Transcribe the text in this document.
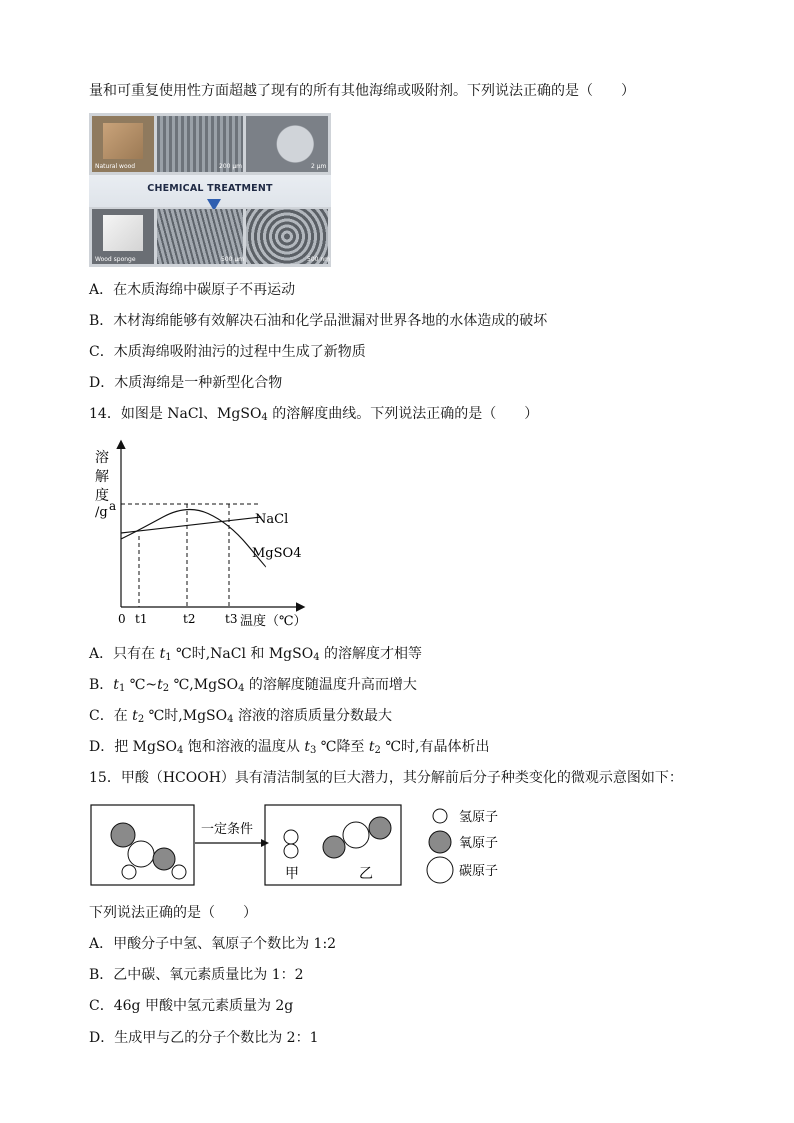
量和可重复使用性方面超越了现有的所有其他海绵或吸附剂。下列说法正确的是（　　）
Natural wood	200 μm	2 μm
CHEMICAL TREATMENT
Wood sponge	500 μm	500 nm
A．在木质海绵中碳原子不再运动
B．木材海绵能够有效解决石油和化学品泄漏对世界各地的水体造成的破坏
C．木质海绵吸附油污的过程中生成了新物质
D．木质海绵是一种新型化合物
14．如图是 NaCl、MgSO$_4$ 的溶解度曲线。下列说法正确的是（　　）
溶
解
度
/g a
0 t1	t2 t3 温度（℃）
NaCl
MgSO4
A．只有在 $t_1$ ℃时,NaCl 和 MgSO$_4$ 的溶解度才相等
B．$t_1$ $℃\sim t_2$ ℃,MgSO$_4$ 的溶解度随温度升高而增大
C．在 $t_2$ ℃时,MgSO$_4$ 溶液的溶质质量分数最大
D．把 MgSO$_4$ 饱和溶液的温度从 $t_3$ ℃降至 $t_2$ ℃时,有晶体析出
15．甲酸（HCOOH）具有清洁制氢的巨大潜力，其分解前后分子种类变化的微观示意图如下：
一定条件
甲	乙
氢原子
氧原子
碳原子
下列说法正确的是（　　）
A．甲酸分子中氢、氧原子个数比为 1:2
B．乙中碳、氧元素质量比为 1：2
C．46g 甲酸中氢元素质量为 2g
D．生成甲与乙的分子个数比为 2：1
